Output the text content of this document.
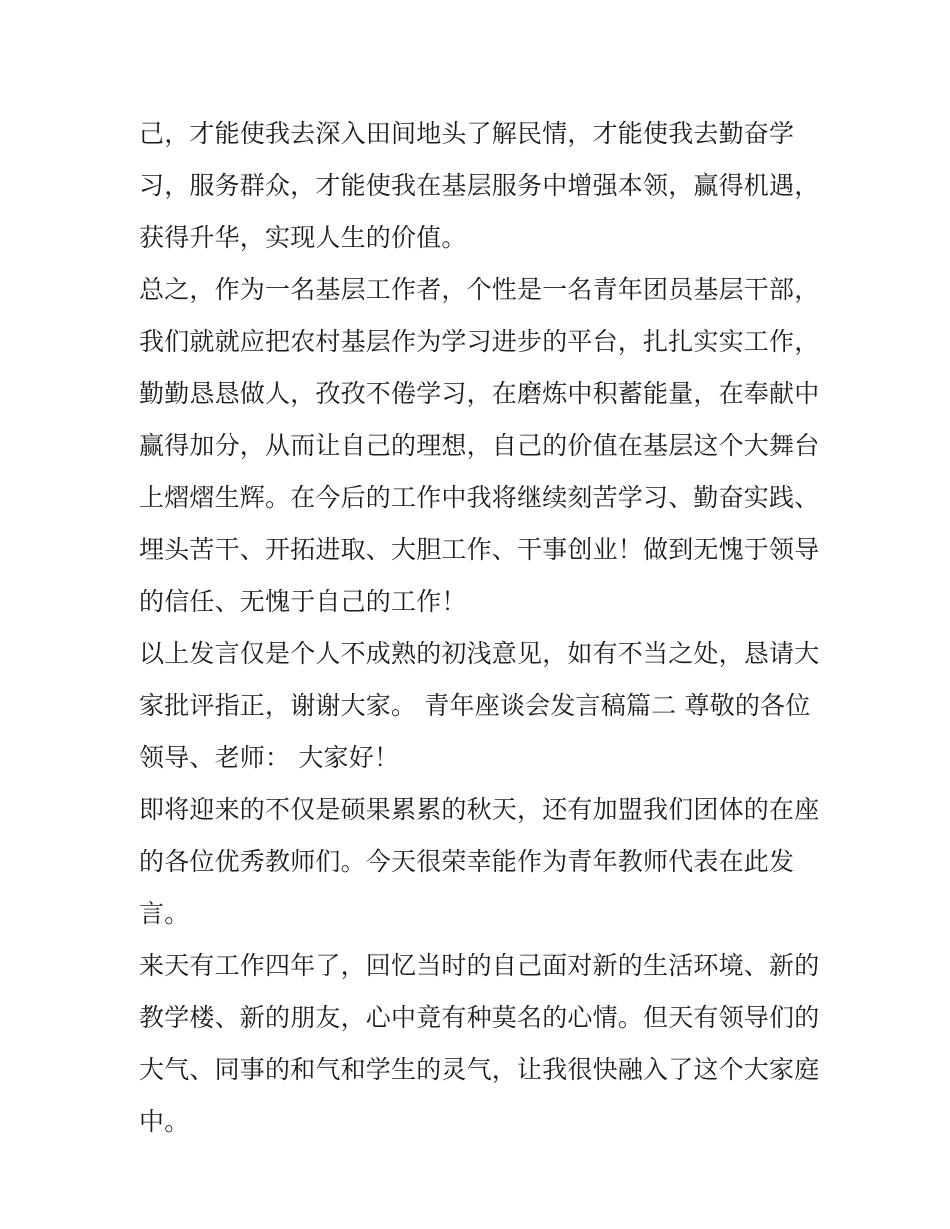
己，才能使我去深入田间地头了解民情，才能使我去勤奋学
习，服务群众，才能使我在基层服务中增强本领，赢得机遇，
获得升华，实现人生的价值。
总之，作为一名基层工作者，个性是一名青年团员基层干部，
我们就就应把农村基层作为学习进步的平台，扎扎实实工作，
勤勤恳恳做人，孜孜不倦学习，在磨炼中积蓄能量，在奉献中
赢得加分，从而让自己的理想，自己的价值在基层这个大舞台
上熠熠生辉。在今后的工作中我将继续刻苦学习、勤奋实践、
埋头苦干、开拓进取、大胆工作、干事创业！做到无愧于领导
的信任、无愧于自己的工作！
以上发言仅是个人不成熟的初浅意见，如有不当之处，恳请大
家批评指正，谢谢大家。 青年座谈会发言稿篇二 尊敬的各位
领导、老师： 大家好！
即将迎来的不仅是硕果累累的秋天，还有加盟我们团体的在座
的各位优秀教师们。今天很荣幸能作为青年教师代表在此发
言。
来天有工作四年了，回忆当时的自己面对新的生活环境、新的
教学楼、新的朋友，心中竟有种莫名的心情。但天有领导们的
大气、同事的和气和学生的灵气，让我很快融入了这个大家庭
中。
